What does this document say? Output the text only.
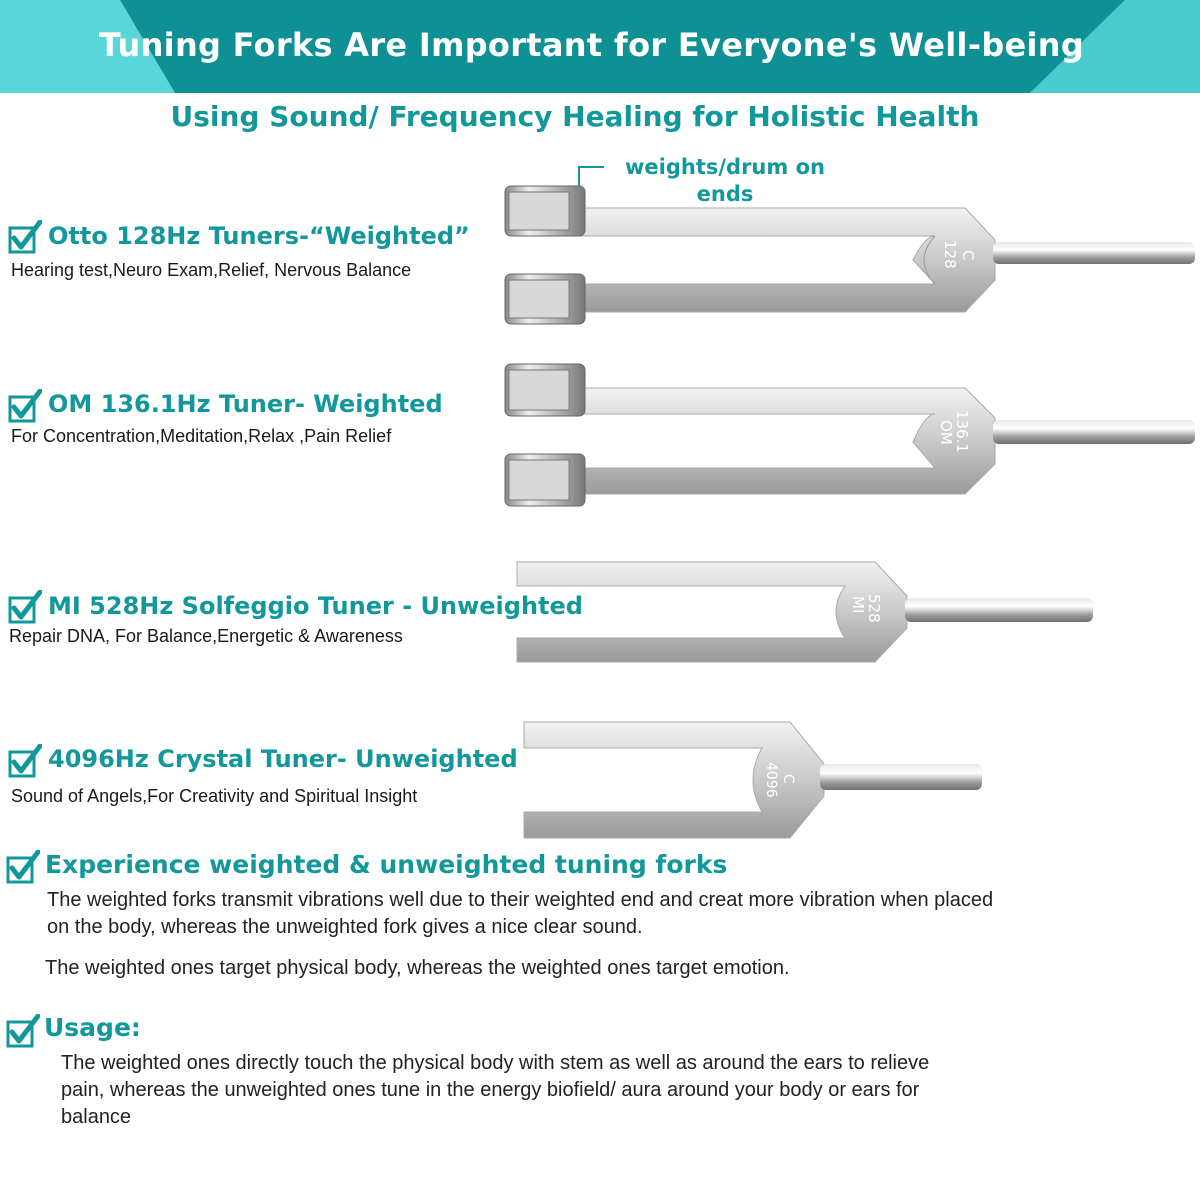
Tuning Forks Are Important for Everyone's Well-being
Using Sound/ Frequency Healing for Holistic Health
weights/drum on ends
Otto 128Hz Tuners-“Weighted”
Hearing test,Neuro Exam,Relief, Nervous Balance
OM 136.1Hz Tuner- Weighted
For Concentration,Meditation,Relax ,Pain Relief
MI 528Hz Solfeggio Tuner - Unweighted
Repair DNA, For Balance,Energetic & Awareness
4096Hz Crystal Tuner- Unweighted
Sound of Angels,For Creativity and Spiritual Insight
128 C
OM
136.1
MI
528
4096 C
Experience weighted & unweighted tuning forks
The weighted forks transmit vibrations well due to their weighted end and creat more vibration when placed
on the body, whereas the unweighted fork gives a nice clear sound.
The weighted ones target physical body, whereas the weighted ones target emotion.
Usage:
The weighted ones directly touch the physical body with stem as well as around the ears to relieve
pain, whereas the unweighted ones tune in the energy biofield/ aura around your body or ears for
balance
